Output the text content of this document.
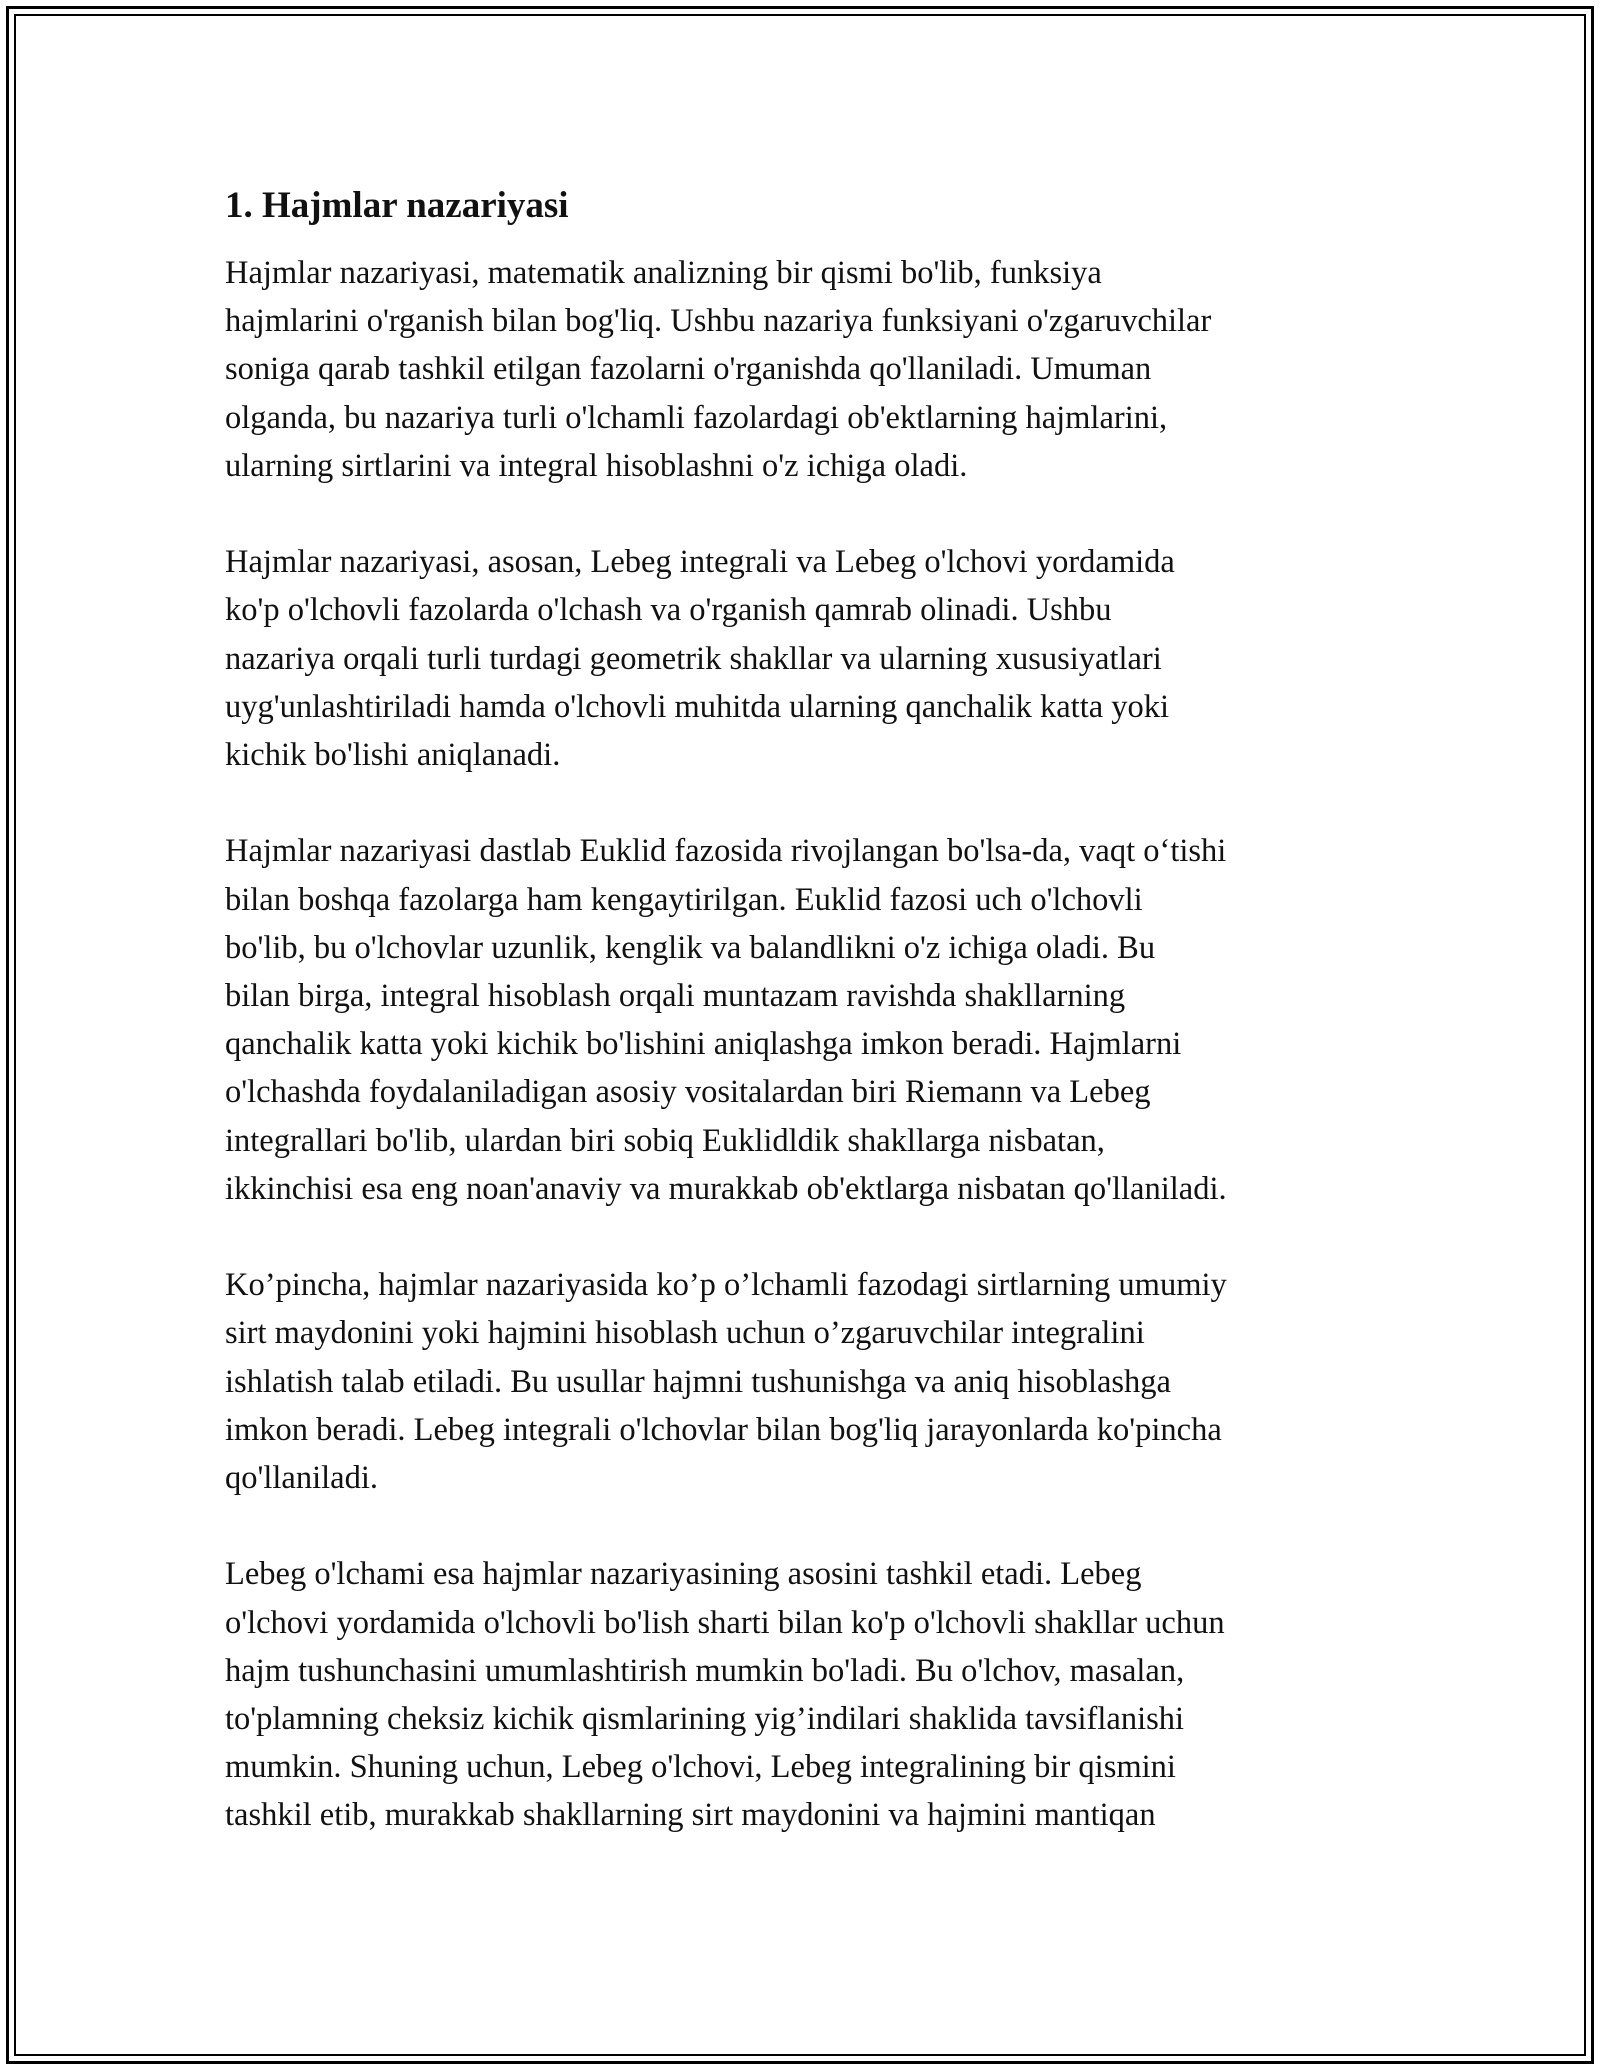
1. Hajmlar nazariyasi

Hajmlar nazariyasi, matematik analizning bir qismi bo'lib, funksiya
hajmlarini o'rganish bilan bog'liq. Ushbu nazariya funksiyani o'zgaruvchilar
soniga qarab tashkil etilgan fazolarni o'rganishda qo'llaniladi. Umuman
olganda, bu nazariya turli o'lchamli fazolardagi ob'ektlarning hajmlarini,
ularning sirtlarini va integral hisoblashni o'z ichiga oladi.

Hajmlar nazariyasi, asosan, Lebeg integrali va Lebeg o'lchovi yordamida
ko'p o'lchovli fazolarda o'lchash va o'rganish qamrab olinadi. Ushbu
nazariya orqali turli turdagi geometrik shakllar va ularning xususiyatlari
uyg'unlashtiriladi hamda o'lchovli muhitda ularning qanchalik katta yoki
kichik bo'lishi aniqlanadi.

Hajmlar nazariyasi dastlab Euklid fazosida rivojlangan bo'lsa-da, vaqt o‘tishi
bilan boshqa fazolarga ham kengaytirilgan. Euklid fazosi uch o'lchovli
bo'lib, bu o'lchovlar uzunlik, kenglik va balandlikni o'z ichiga oladi. Bu
bilan birga, integral hisoblash orqali muntazam ravishda shakllarning
qanchalik katta yoki kichik bo'lishini aniqlashga imkon beradi. Hajmlarni
o'lchashda foydalaniladigan asosiy vositalardan biri Riemann va Lebeg
integrallari bo'lib, ulardan biri sobiq Euklidldik shakllarga nisbatan,
ikkinchisi esa eng noan'anaviy va murakkab ob'ektlarga nisbatan qo'llaniladi.

Ko’pincha, hajmlar nazariyasida ko’p o’lchamli fazodagi sirtlarning umumiy
sirt maydonini yoki hajmini hisoblash uchun o’zgaruvchilar integralini
ishlatish talab etiladi. Bu usullar hajmni tushunishga va aniq hisoblashga
imkon beradi. Lebeg integrali o'lchovlar bilan bog'liq jarayonlarda ko'pincha
qo'llaniladi.

Lebeg o'lchami esa hajmlar nazariyasining asosini tashkil etadi. Lebeg
o'lchovi yordamida o'lchovli bo'lish sharti bilan ko'p o'lchovli shakllar uchun
hajm tushunchasini umumlashtirish mumkin bo'ladi. Bu o'lchov, masalan,
to'plamning cheksiz kichik qismlarining yig’indilari shaklida tavsiflanishi
mumkin. Shuning uchun, Lebeg o'lchovi, Lebeg integralining bir qismini
tashkil etib, murakkab shakllarning sirt maydonini va hajmini mantiqan
